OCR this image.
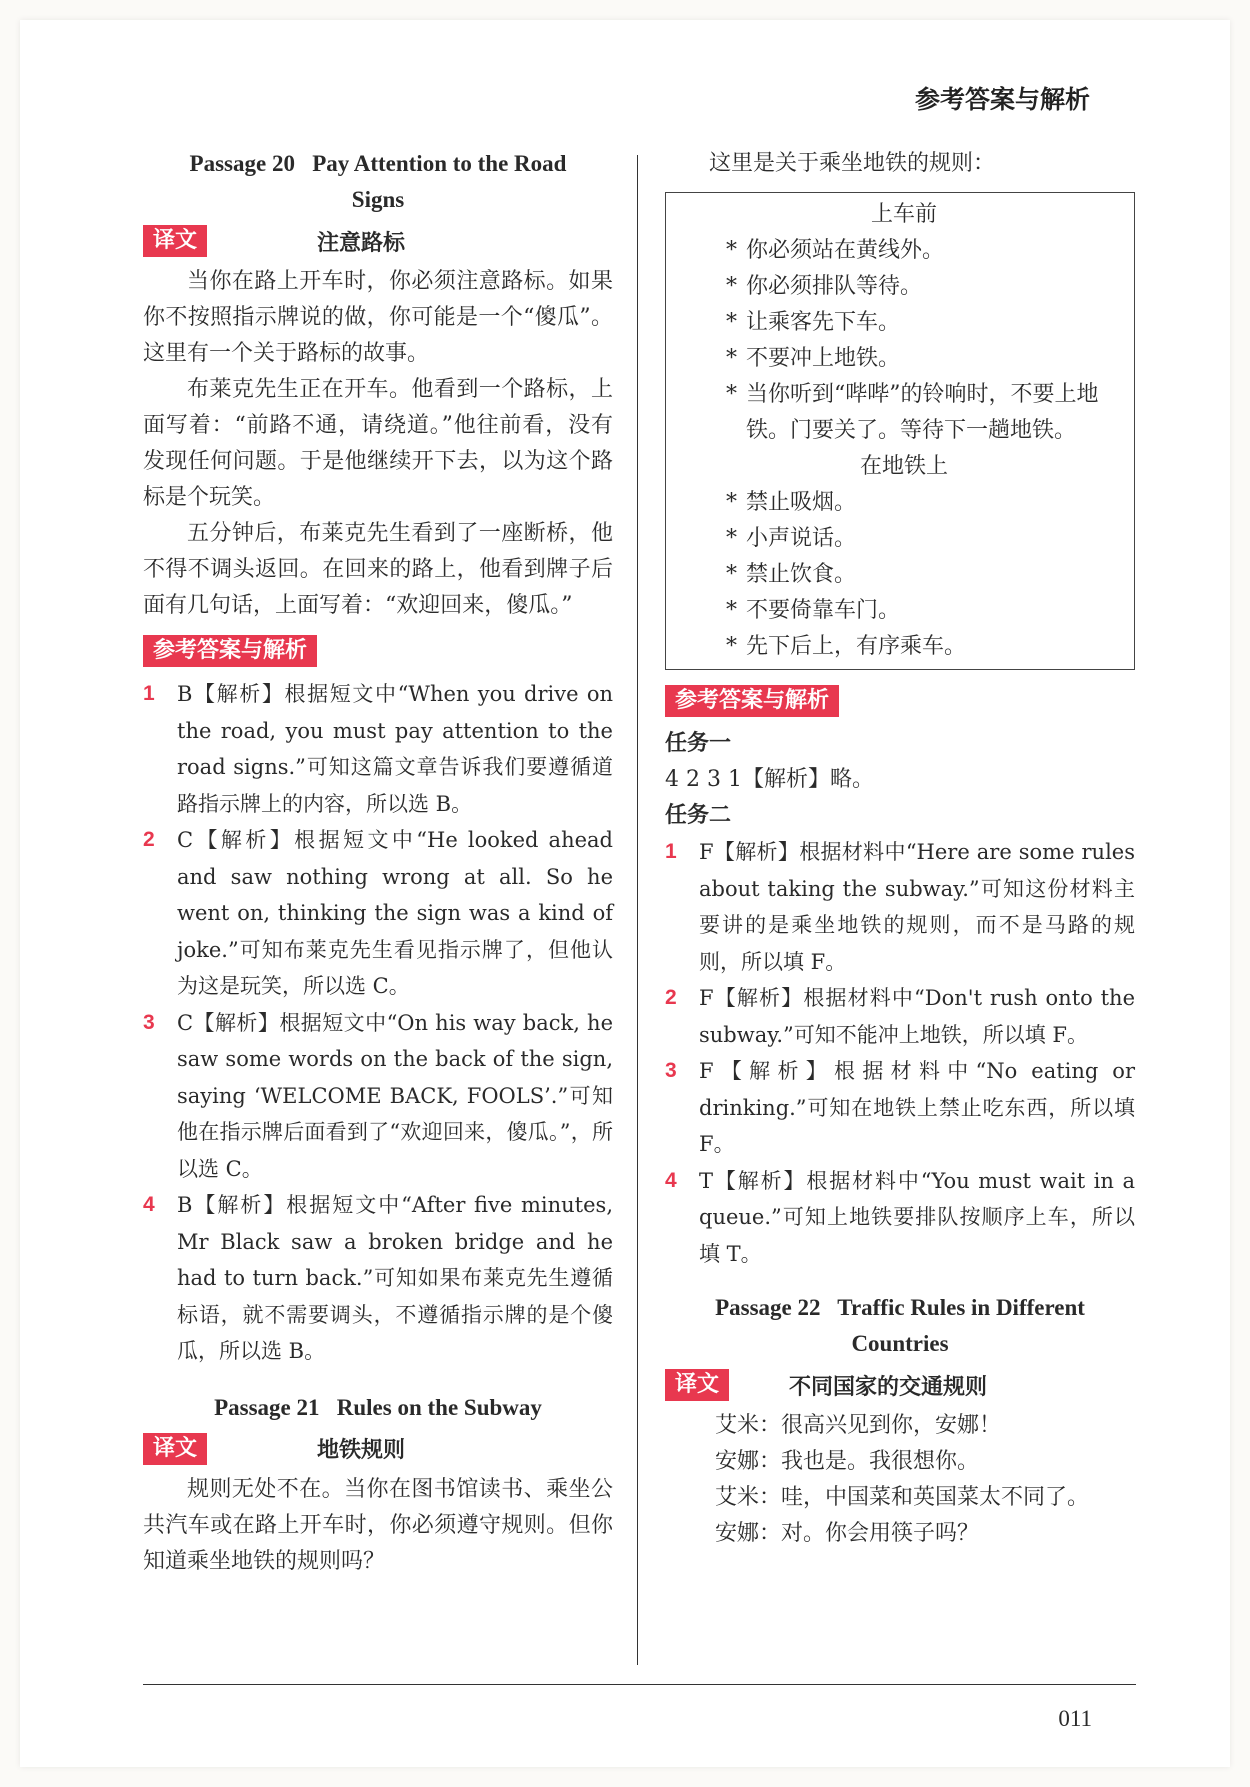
参考答案与解析
Passage 20   Pay Attention to the Road
Signs
译文	注意路标

当你在路上开车时，你必须注意路标。如果你不按照指示牌说的做，你可能是一个“傻瓜”。这里有一个关于路标的故事。

布莱克先生正在开车。他看到一个路标，上面写着：“前路不通，请绕道。”他往前看，没有发现任何问题。于是他继续开下去，以为这个路标是个玩笑。

五分钟后，布莱克先生看到了一座断桥，他不得不调头返回。在回来的路上，他看到牌子后面有几句话，上面写着：“欢迎回来，傻瓜。”

参考答案与解析
1	B【解析】根据短文中“When you drive on the road, you must pay attention to the road signs.”可知这篇文章告诉我们要遵循道路指示牌上的内容，所以选 B。
2	C【解析】根据短文中“He looked ahead and saw nothing wrong at all. So he went on, thinking the sign was a kind of joke.”可知布莱克先生看见指示牌了，但他认为这是玩笑，所以选 C。
3	C【解析】根据短文中“On his way back, he saw some words on the back of the sign, saying ‘WELCOME BACK, FOOLS’.”可知他在指示牌后面看到了“欢迎回来，傻瓜。”，所以选 C。
4	B【解析】根据短文中“After five minutes, Mr Black saw a broken bridge and he had to turn back.”可知如果布莱克先生遵循标语，就不需要调头，不遵循指示牌的是个傻瓜，所以选 B。
Passage 21   Rules on the Subway
译文	地铁规则

规则无处不在。当你在图书馆读书、乘坐公共汽车或在路上开车时，你必须遵守规则。但你知道乘坐地铁的规则吗？

这里是关于乘坐地铁的规则：

上车前
* 你必须站在黄线外。
* 你必须排队等待。
* 让乘客先下车。
* 不要冲上地铁。
* 当你听到“哔哔”的铃响时，不要上地铁。门要关了。等待下一趟地铁。
在地铁上
* 禁止吸烟。
* 小声说话。
* 禁止饮食。
* 不要倚靠车门。
* 先下后上，有序乘车。
参考答案与解析
任务一

4 2 3 1【解析】略。

任务二
1	F【解析】根据材料中“Here are some rules about taking the subway.”可知这份材料主要讲的是乘坐地铁的规则，而不是马路的规则，所以填 F。
2	F【解析】根据材料中“Don't rush onto the subway.”可知不能冲上地铁，所以填 F。
3	F【解析】根据材料中“No eating or drinking.”可知在地铁上禁止吃东西，所以填 F。
4	T【解析】根据材料中“You must wait in a queue.”可知上地铁要排队按顺序上车，所以填 T。
Passage 22   Traffic Rules in Different
Countries
译文	不同国家的交通规则
艾米：很高兴见到你，安娜！
安娜：我也是。我很想你。
艾米：哇，中国菜和英国菜太不同了。
安娜：对。你会用筷子吗？
011
